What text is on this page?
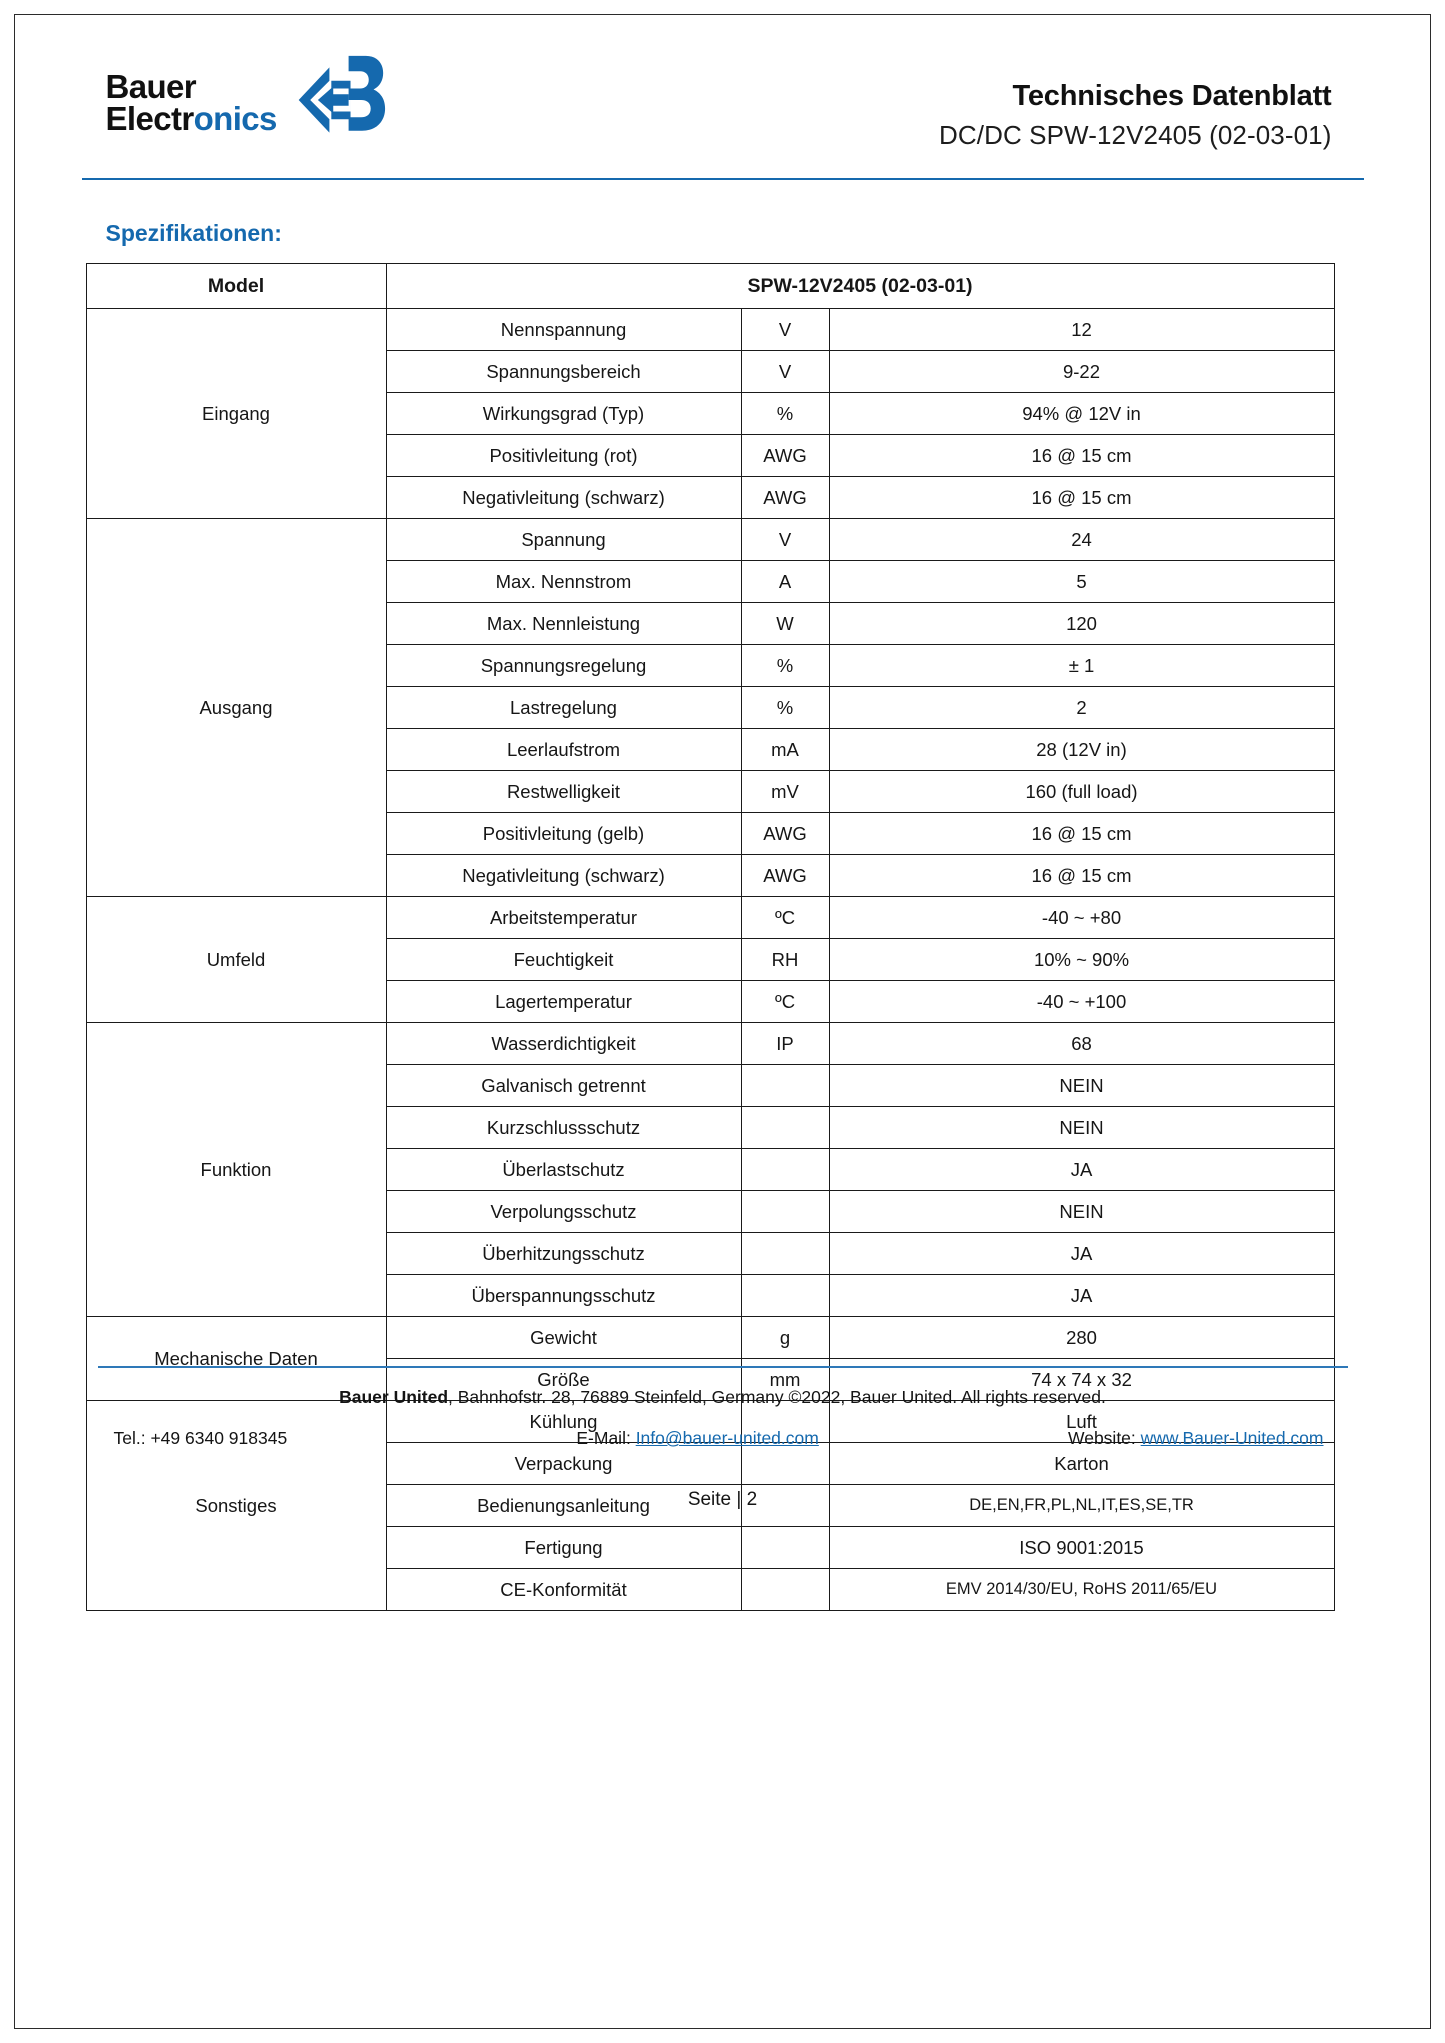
Bauer
Electronics
Technisches Datenblatt
DC/DC SPW-12V2405 (02-03-01)
Spezifikationen:
Model	SPW-12V2405 (02-03-01)		
Eingang	Nennspannung	V	12
	Spannungsbereich	V	9-22
	Wirkungsgrad (Typ)	%	94% @ 12V in
	Positivleitung (rot)	AWG	16 @ 15 cm
	Negativleitung (schwarz)	AWG	16 @ 15 cm
Ausgang	Spannung	V	24
	Max. Nennstrom	A	5
	Max. Nennleistung	W	120
	Spannungsregelung	%	± 1
	Lastregelung	%	2
	Leerlaufstrom	mA	28 (12V in)
	Restwelligkeit	mV	160 (full load)
	Positivleitung (gelb)	AWG	16 @ 15 cm
	Negativleitung (schwarz)	AWG	16 @ 15 cm
Umfeld	Arbeitstemperatur	ºC	-40 ~ +80
	Feuchtigkeit	RH	10% ~ 90%
	Lagertemperatur	ºC	-40 ~ +100
Funktion	Wasserdichtigkeit	IP	68
	Galvanisch getrennt		NEIN
	Kurzschlussschutz		NEIN
	Überlastschutz		JA
	Verpolungsschutz		NEIN
	Überhitzungsschutz		JA
	Überspannungsschutz		JA
Mechanische Daten	Gewicht	g	280
	Größe	mm	74 x 74 x 32
Sonstiges	Kühlung		Luft
	Verpackung		Karton
	Bedienungsanleitung		DE,EN,FR,PL,NL,IT,ES,SE,TR
	Fertigung		ISO 9001:2015
	CE-Konformität		EMV 2014/30/EU, RoHS 2011/65/EU
Bauer United, Bahnhofstr. 28, 76889 Steinfeld, Germany ©2022, Bauer United. All rights reserved.
Tel.: +49 6340 918345	E-Mail: Info@bauer-united.com	Website: www.Bauer-United.com
Seite | 2
